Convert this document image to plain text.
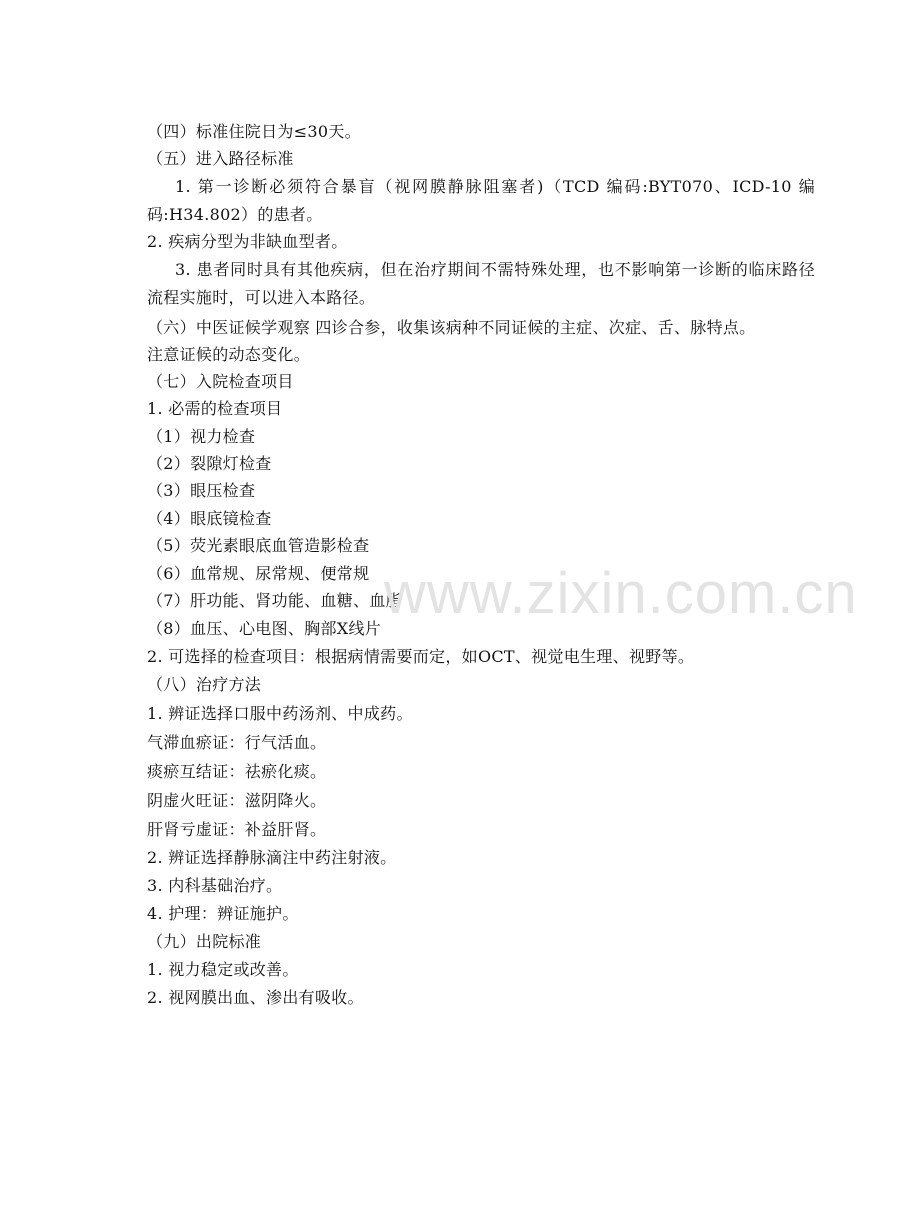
（四）标准住院日为≤30天。
（五）进入路径标准
1. 第一诊断必须符合暴盲（视网膜静脉阻塞者)（TCD 编码:BYT070、ICD-10 编码:H34.802）的患者。
2. 疾病分型为非缺血型者。
3. 患者同时具有其他疾病，但在治疗期间不需特殊处理，也不影响第一诊断的临床路径流程实施时，可以进入本路径。
（六）中医证候学观察 四诊合参，收集该病种不同证候的主症、次症、舌、脉特点。
注意证候的动态变化。
（七）入院检查项目
1. 必需的检查项目
（1）视力检查
（2）裂隙灯检查
（3）眼压检查
（4）眼底镜检查
（5）荧光素眼底血管造影检查
（6）血常规、尿常规、便常规
（7）肝功能、肾功能、血糖、血脂
（8）血压、心电图、胸部X线片
2. 可选择的检查项目：根据病情需要而定，如OCT、视觉电生理、视野等。
（八）治疗方法
1. 辨证选择口服中药汤剂、中成药。
气滞血瘀证：行气活血。
痰瘀互结证：祛瘀化痰。
阴虚火旺证：滋阴降火。
肝肾亏虚证：补益肝肾。
2. 辨证选择静脉滴注中药注射液。
3. 内科基础治疗。
4. 护理：辨证施护。
（九）出院标准
1. 视力稳定或改善。
2. 视网膜出血、渗出有吸收。
www.zixin.com.cn
